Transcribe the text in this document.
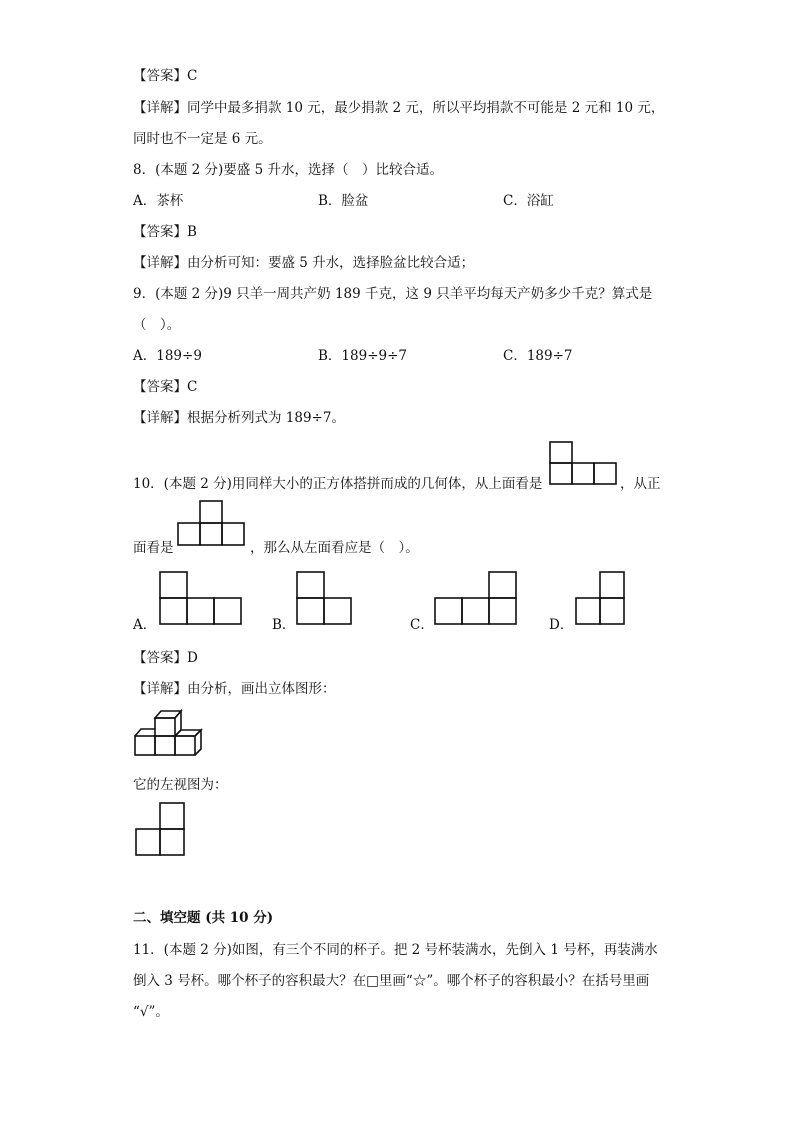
【答案】C
【详解】同学中最多捐款 10 元，最少捐款 2 元，所以平均捐款不可能是 2 元和 10 元，
同时也不一定是 6 元。
8．(本题 2 分)要盛 5 升水，选择（　）比较合适。
A．茶杯	B．脸盆	C．浴缸
【答案】B
【详解】由分析可知：要盛 5 升水，选择脸盆比较合适；
9．(本题 2 分)9 只羊一周共产奶 189 千克，这 9 只羊平均每天产奶多少千克？算式是
（　）。
A．189÷9	B．189÷9÷7	C．189÷7
【答案】C
【详解】根据分析列式为 189÷7。
10．(本题 2 分)用同样大小的正方体搭拼而成的几何体，从上面看是	，从正
面看是	，那么从左面看应是（　）。
A．	B．	C．	D．
【答案】D
【详解】由分析，画出立体图形：
它的左视图为：
二、填空题 (共 10 分)
11．(本题 2 分)如图，有三个不同的杯子。把 2 号杯装满水，先倒入 1 号杯，再装满水
倒入 3 号杯。哪个杯子的容积最大？在□里画“☆”。哪个杯子的容积最小？在括号里画
“√”。
